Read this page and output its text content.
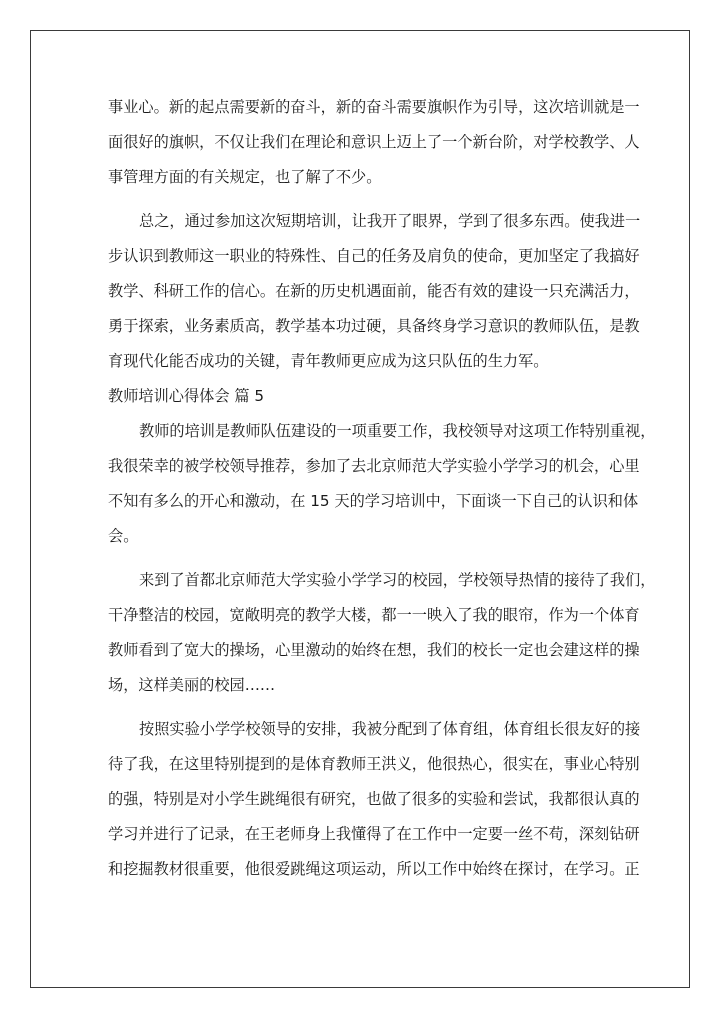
事业心。新的起点需要新的奋斗，新的奋斗需要旗帜作为引导，这次培训就是一
面很好的旗帜，不仅让我们在理论和意识上迈上了一个新台阶，对学校教学、人
事管理方面的有关规定，也了解了不少。
总之，通过参加这次短期培训，让我开了眼界，学到了很多东西。使我进一
步认识到教师这一职业的特殊性、自己的任务及肩负的使命，更加坚定了我搞好
教学、科研工作的信心。在新的历史机遇面前，能否有效的建设一只充满活力，
勇于探索，业务素质高，教学基本功过硬，具备终身学习意识的教师队伍，是教
育现代化能否成功的关键，青年教师更应成为这只队伍的生力军。
教师培训心得体会 篇 5
教师的培训是教师队伍建设的一项重要工作，我校领导对这项工作特别重视，
我很荣幸的被学校领导推荐，参加了去北京师范大学实验小学学习的机会，心里
不知有多么的开心和激动，在 15 天的学习培训中，下面谈一下自己的认识和体
会。
来到了首都北京师范大学实验小学学习的校园，学校领导热情的接待了我们，
干净整洁的校园，宽敞明亮的教学大楼，都一一映入了我的眼帘，作为一个体育
教师看到了宽大的操场，心里激动的始终在想，我们的校长一定也会建这样的操
场，这样美丽的校园……
按照实验小学学校领导的安排，我被分配到了体育组，体育组长很友好的接
待了我，在这里特别提到的是体育教师王洪义，他很热心，很实在，事业心特别
的强，特别是对小学生跳绳很有研究，也做了很多的实验和尝试，我都很认真的
学习并进行了记录，在王老师身上我懂得了在工作中一定要一丝不苟，深刻钻研
和挖掘教材很重要，他很爱跳绳这项运动，所以工作中始终在探讨，在学习。正
